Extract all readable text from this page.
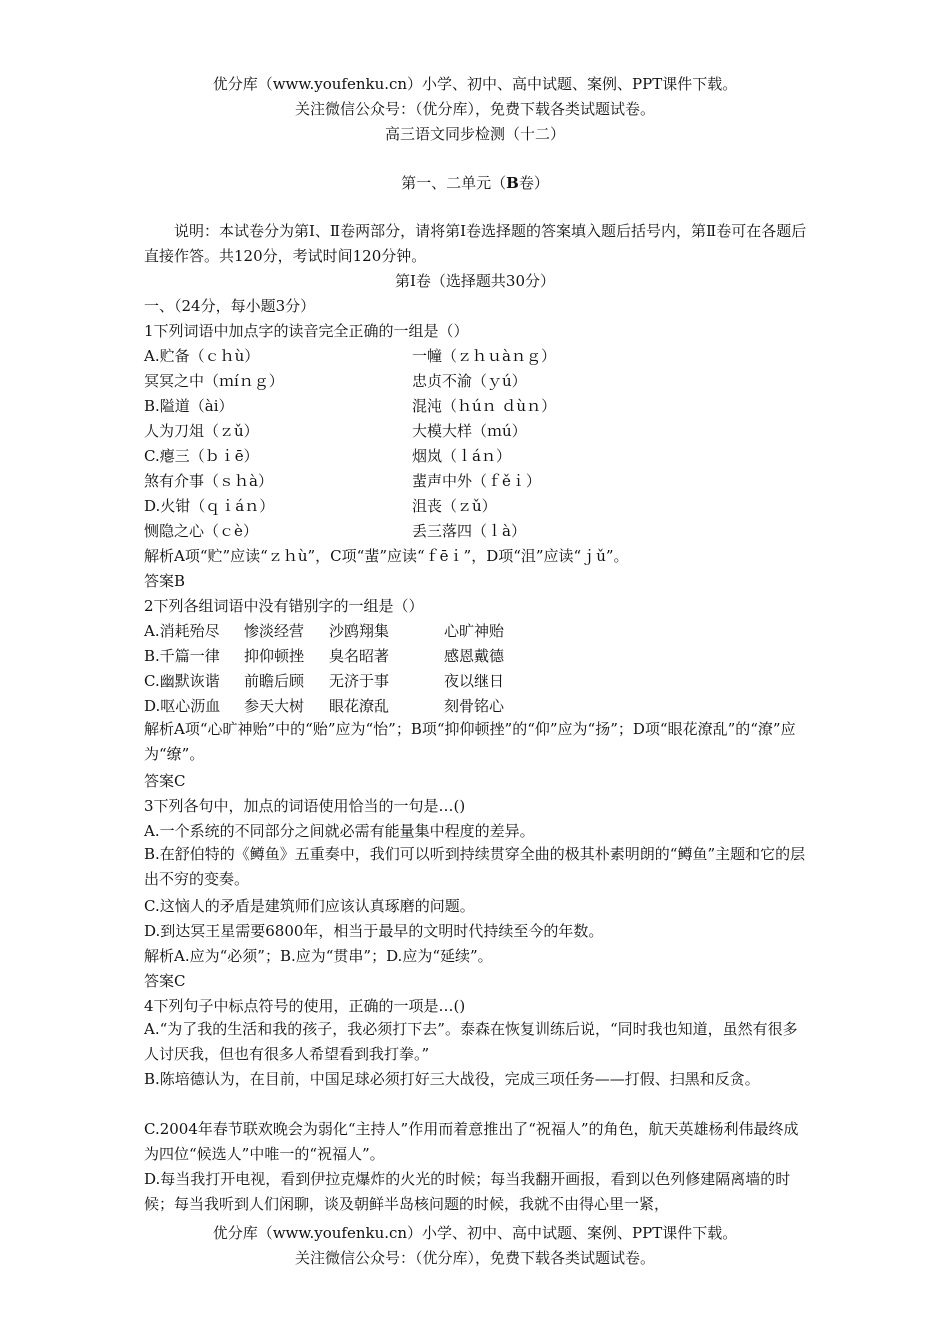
优分库（www.youfenku.cn）小学、初中、高中试题、案例、PPT课件下载。
关注微信公众号：（优分库），免费下载各类试题试卷。
高三语文同步检测（十二）
第一、二单元（B卷）
说明：本试卷分为第Ⅰ、Ⅱ卷两部分，请将第Ⅰ卷选择题的答案填入题后括号内，第Ⅱ卷可在各题后直接作答。共120分，考试时间120分钟。
第Ⅰ卷（选择题共30分）
一、（24分，每小题3分）
1下列词语中加点字的读音完全正确的一组是（）
A.贮备（ｃｈù）	一幢（ｚｈｕàｎｇ）
冥冥之中（ｍíｎｇ）	忠贞不渝（ｙú）
B.隘道（ài）	混沌（ｈúｎ ｄùｎ）
人为刀俎（ｚǔ）	大模大样（ｍú）
C.瘪三（ｂｉē）	烟岚（ｌáｎ）
煞有介事（ｓｈà）	蜚声中外（ｆěｉ）
D.火钳（ｑｉáｎ）	沮丧（ｚǔ）
恻隐之心（ｃè）	丢三落四（ｌà）
解析A项“贮”应读“ｚｈù”，C项“蜚”应读“ｆēｉ”，D项“沮”应读“ｊǔ”。
答案B
2下列各组词语中没有错别字的一组是（）
A.消耗殆尽 惨淡经营 沙鸥翔集	心旷神贻
B.千篇一律 抑仰顿挫 臭名昭著	感恩戴德
C.幽默诙谐 前瞻后顾 无济于事	夜以继日
D.呕心沥血 参天大树 眼花潦乱	刻骨铭心
解析A项“心旷神贻”中的“贻”应为“怡”；B项“抑仰顿挫”的“仰”应为“扬”；D项“眼花潦乱”的“潦”应为“缭”。
答案C
3下列各句中，加点的词语使用恰当的一句是…()
A.一个系统的不同部分之间就必需有能量集中程度的差异。
B.在舒伯特的《鳟鱼》五重奏中，我们可以听到持续贯穿全曲的极其朴素明朗的“鳟鱼”主题和它的层出不穷的变奏。
C.这恼人的矛盾是建筑师们应该认真琢磨的问题。
D.到达冥王星需要6800年，相当于最早的文明时代持续至今的年数。
解析A.应为“必须”；B.应为“贯串”；D.应为“延续”。
答案C
4下列句子中标点符号的使用，正确的一项是…()
A.“为了我的生活和我的孩子，我必须打下去”。泰森在恢复训练后说，“同时我也知道，虽然有很多人讨厌我，但也有很多人希望看到我打拳。”
B.陈培德认为，在目前，中国足球必须打好三大战役，完成三项任务——打假、扫黑和反贪。
C.2004年春节联欢晚会为弱化“主持人”作用而着意推出了“祝福人”的角色，航天英雄杨利伟最终成为四位“候选人”中唯一的“祝福人”。
D.每当我打开电视，看到伊拉克爆炸的火光的时候；每当我翻开画报，看到以色列修建隔离墙的时候；每当我听到人们闲聊，谈及朝鲜半岛核问题的时候，我就不由得心里一紧，
优分库（www.youfenku.cn）小学、初中、高中试题、案例、PPT课件下载。
关注微信公众号：（优分库），免费下载各类试题试卷。
